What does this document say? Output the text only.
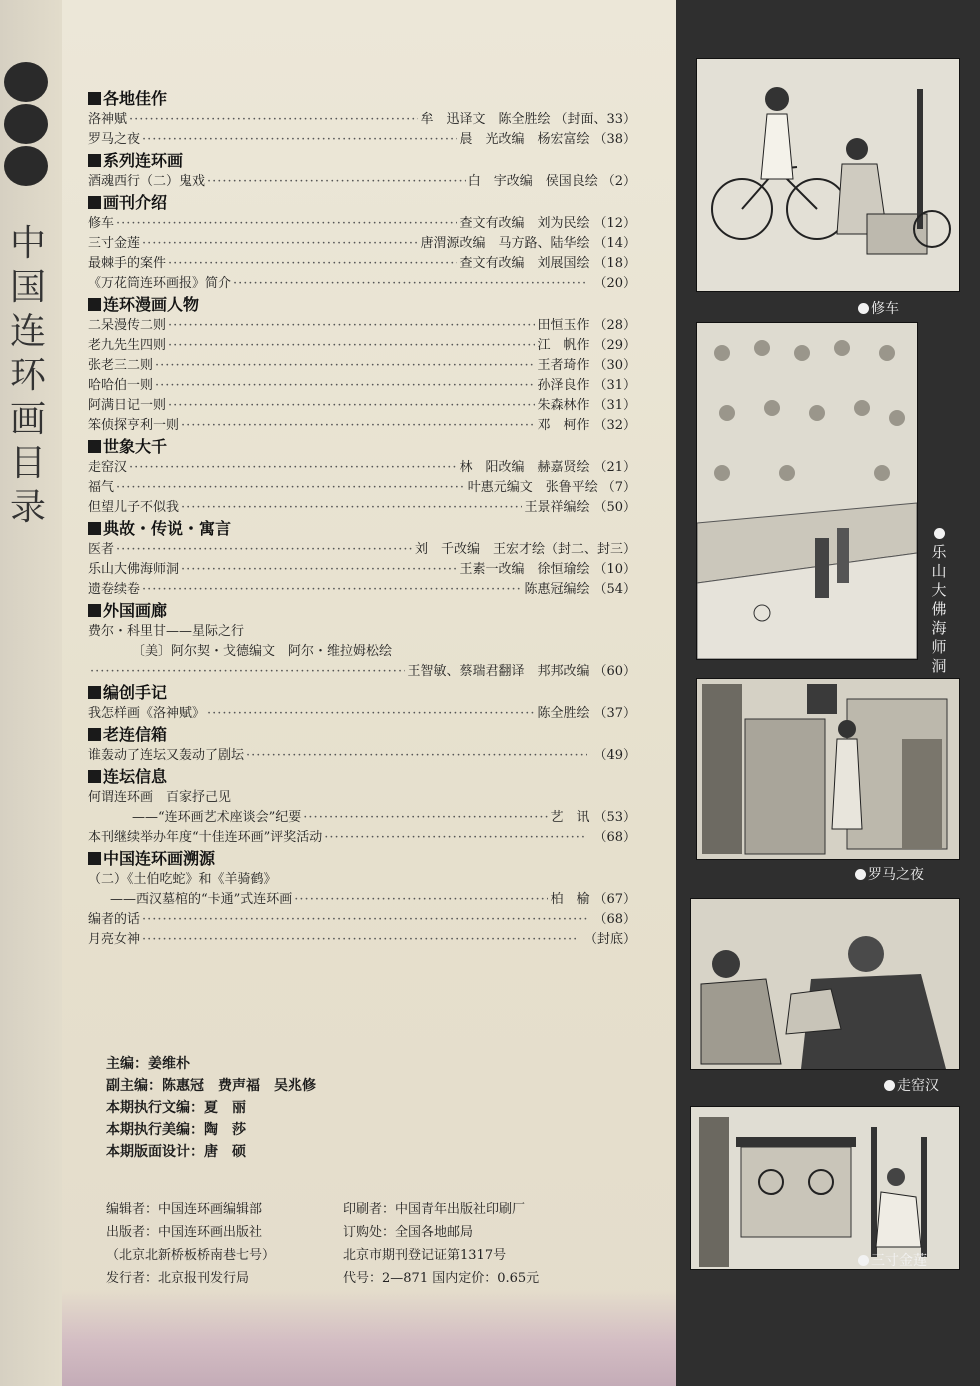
中
国
连
环
画
目
录
各地佳作
洛神赋 ·····	牟　迅译文　陈全胜绘 （封面、33）
罗马之夜 ·····	晨　光改编　杨宏富绘 （38）
系列连环画
酒魂西行（二）鬼戏 ·····	白　宇改编　侯国良绘 （2）
画刊介绍
修车 ·····	查文有改编　刘为民绘 （12）
三寸金莲 ·····	唐渭源改编　马方路、陆华绘 （14）
最棘手的案件 ·····	查文有改编　刘展国绘 （18）
《万花筒连环画报》简介 ·····	（20）
连环漫画人物
二呆漫传二则 ·····	田恒玉作 （28）
老九先生四则 ·····	江　帆作 （29）
张老三二则 ·····	王者琦作 （30）
哈哈伯一则 ·····	孙泽良作 （31）
阿满日记一则 ·····	朱森林作 （31）
笨侦探亨利一则 ·····	邓　柯作 （32）
世象大千
走窑汉 ·····	林　阳改编　赫嘉贤绘 （21）
福气 ·····	叶惠元编文　张鲁平绘 （7）
但望儿子不似我 ·····	王景祥编绘 （50）
典故・传说・寓言
医者 ·····	刘　千改编　王宏才绘（封二、封三）
乐山大佛海师洞 ·····	王素一改编　徐恒瑜绘 （10）
遗卷续卷 ·····	陈惠冠编绘 （54）
外国画廊
费尔・科里甘——星际之行
〔美〕阿尔契・戈德编文　阿尔・维拉姆松绘
·····
王智敏、蔡瑞君翻译　邦邦改编 （60）
编创手记
我怎样画《洛神赋》 ·····	陈全胜绘 （37）
老连信箱
谁轰动了连坛又轰动了剧坛 ·····	（49）
连坛信息
何谓连环画　百家抒己见
——“连环画艺术座谈会”纪要 ·····	艺　讯 （53）
本刊继续举办年度“十佳连环画”评奖活动 ·····	（68）
中国连环画溯源
（二）《土伯吃蛇》和《羊骑鹤》
——西汉墓棺的“卡通”式连环画 ·····	柏　榆 （67）
编者的话 ·····	（68）
月亮女神 ·····	（封底）
主编：姜维朴
副主编：陈惠冠　费声福　吴兆修
本期执行文编：夏　丽
本期执行美编：陶　莎
本期版面设计：唐　硕
编辑者：中国连环画编辑部
出版者：中国连环画出版社
（北京北新桥板桥南巷七号）
发行者：北京报刊发行局
印刷者：中国青年出版社印刷厂
订购处：全国各地邮局
北京市期刊登记证第1317号
代号：2—871 国内定价：0.65元
修车
乐
山
大
佛
海
师
洞
罗马之夜
走窑汉
三寸金莲
